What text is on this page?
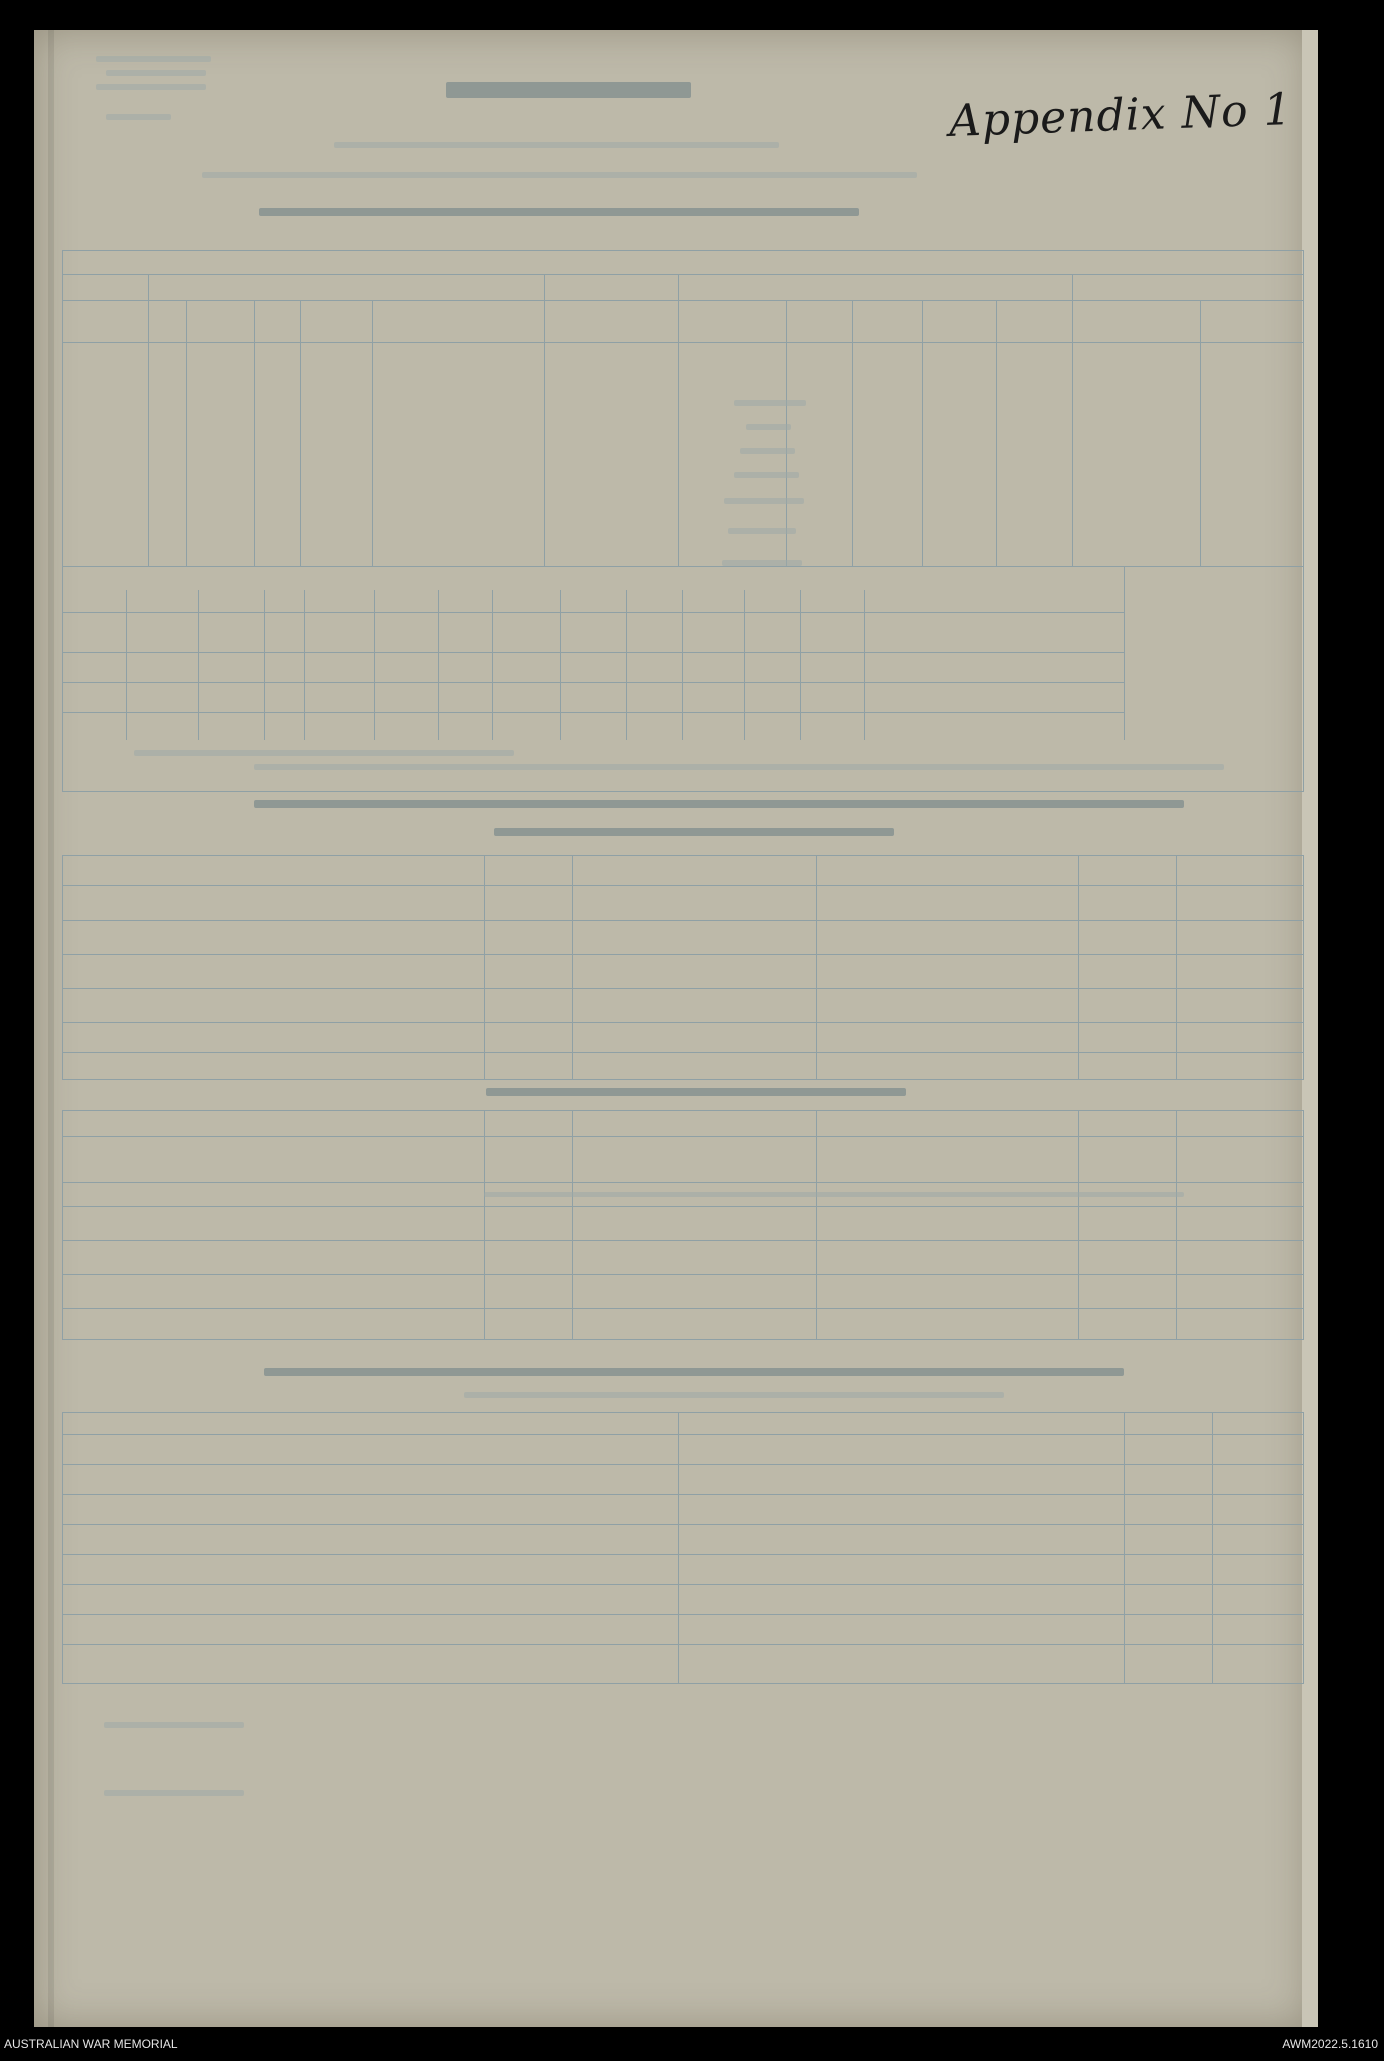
Appendix No 1
AUSTRALIAN WAR MEMORIAL	AWM2022.5.1610
